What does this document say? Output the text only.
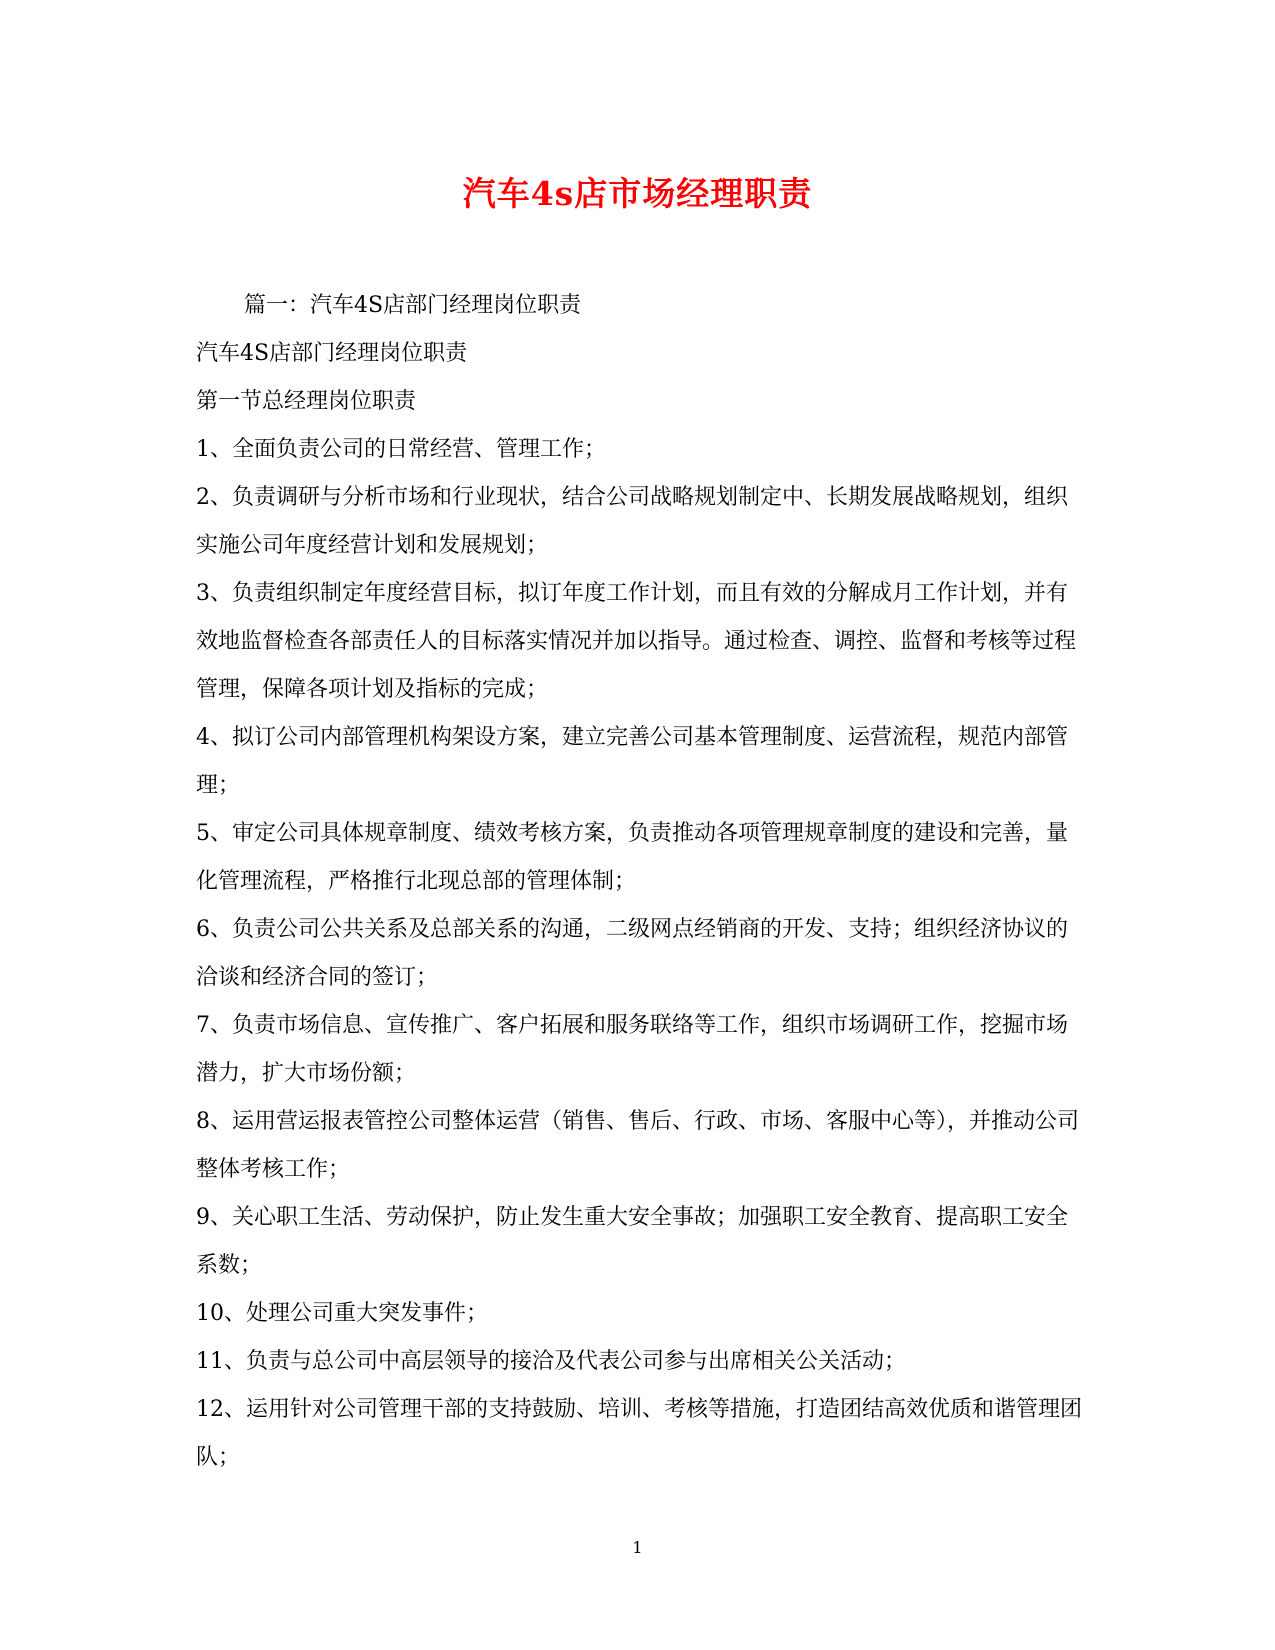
汽车4s店市场经理职责

篇一：汽车4S店部门经理岗位职责

汽车4S店部门经理岗位职责

第一节总经理岗位职责

1、全面负责公司的日常经营、管理工作；

2、负责调研与分析市场和行业现状，结合公司战略规划制定中、长期发展战略规划，组织实施公司年度经营计划和发展规划；

3、负责组织制定年度经营目标，拟订年度工作计划，而且有效的分解成月工作计划，并有效地监督检查各部责任人的目标落实情况并加以指导。通过检查、调控、监督和考核等过程管理，保障各项计划及指标的完成；

4、拟订公司内部管理机构架设方案，建立完善公司基本管理制度、运营流程，规范内部管理；

5、审定公司具体规章制度、绩效考核方案，负责推动各项管理规章制度的建设和完善，量化管理流程，严格推行北现总部的管理体制；

6、负责公司公共关系及总部关系的沟通，二级网点经销商的开发、支持；组织经济协议的洽谈和经济合同的签订；

7、负责市场信息、宣传推广、客户拓展和服务联络等工作，组织市场调研工作，挖掘市场潜力，扩大市场份额；

8、运用营运报表管控公司整体运营（销售、售后、行政、市场、客服中心等），并推动公司整体考核工作；

9、关心职工生活、劳动保护，防止发生重大安全事故；加强职工安全教育、提高职工安全系数；

10、处理公司重大突发事件；

11、负责与总公司中高层领导的接洽及代表公司参与出席相关公关活动；

12、运用针对公司管理干部的支持鼓励、培训、考核等措施，打造团结高效优质和谐管理团队；

1
